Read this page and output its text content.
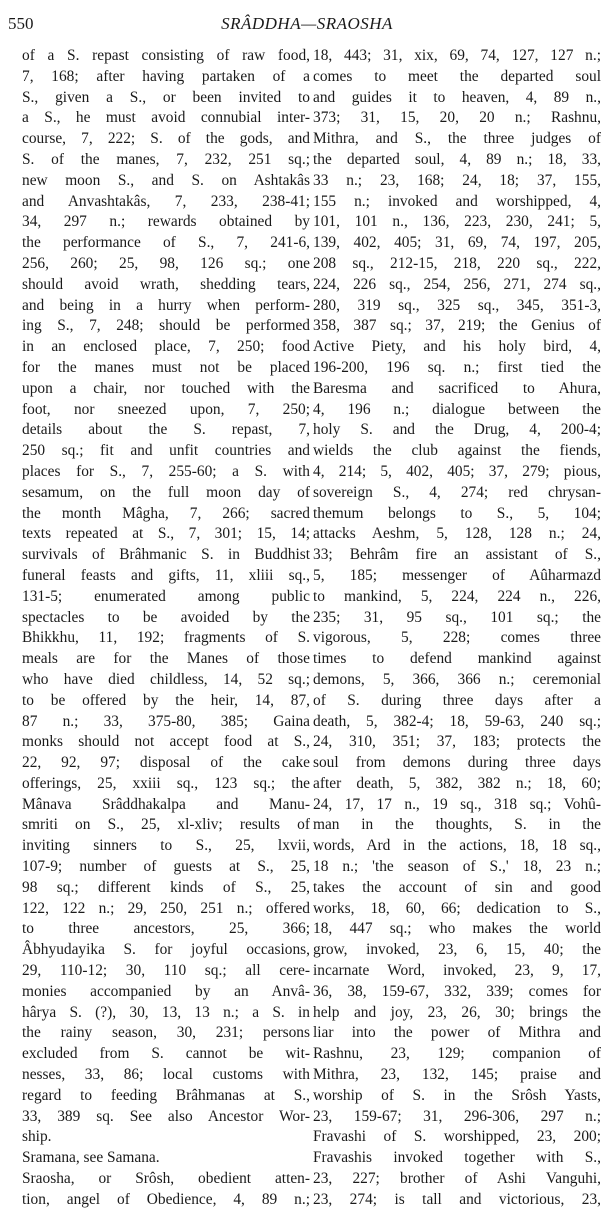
550	SRÂDDHA—SRAOSHA
of a S. repast consisting of raw food,
7, 168; after having partaken of a
S., given a S., or been invited to
a S., he must avoid connubial inter-
course, 7, 222; S. of the gods, and
S. of the manes, 7, 232, 251 sq.;
new moon S., and S. on Ashtakâs
and Anvashtakâs, 7, 233, 238-41;
34, 297 n.; rewards obtained by
the performance of S., 7, 241-6,
256, 260; 25, 98, 126 sq.; one
should avoid wrath, shedding tears,
and being in a hurry when perform-
ing S., 7, 248; should be performed
in an enclosed place, 7, 250; food
for the manes must not be placed
upon a chair, nor touched with the
foot, nor sneezed upon, 7, 250;
details about the S. repast, 7,
250 sq.; fit and unfit countries and
places for S., 7, 255-60; a S. with
sesamum, on the full moon day of
the month Mâgha, 7, 266; sacred
texts repeated at S., 7, 301; 15, 14;
survivals of Brâhmanic S. in Buddhist
funeral feasts and gifts, 11, xliii sq.,
131-5; enumerated among public
spectacles to be avoided by the
Bhikkhu, 11, 192; fragments of S.
meals are for the Manes of those
who have died childless, 14, 52 sq.;
to be offered by the heir, 14, 87,
87 n.; 33, 375-80, 385; Gaina
monks should not accept food at S.,
22, 92, 97; disposal of the cake
offerings, 25, xxiii sq., 123 sq.; the
Mânava Srâddhakalpa and Manu-
smriti on S., 25, xl-xliv; results of
inviting sinners to S., 25, lxvii,
107-9; number of guests at S., 25,
98 sq.; different kinds of S., 25,
122, 122 n.; 29, 250, 251 n.; offered
to three ancestors, 25, 366;
Âbhyudayika S. for joyful occasions,
29, 110-12; 30, 110 sq.; all cere-
monies accompanied by an Anvâ-
hârya S. (?), 30, 13, 13 n.; a S. in
the rainy season, 30, 231; persons
excluded from S. cannot be wit-
nesses, 33, 86; local customs with
regard to feeding Brâhmanas at S.,
33, 389 sq. See also Ancestor Wor-
ship.
Sramana, see Samana.
Sraosha, or Srôsh, obedient atten-
tion, angel of Obedience, 4, 89 n.;
18, 443; 31, xix, 69, 74, 127, 127 n.;
comes to meet the departed soul
and guides it to heaven, 4, 89 n.,
373; 31, 15, 20, 20 n.; Rashnu,
Mithra, and S., the three judges of
the departed soul, 4, 89 n.; 18, 33,
33 n.; 23, 168; 24, 18; 37, 155,
155 n.; invoked and worshipped, 4,
101, 101 n., 136, 223, 230, 241; 5,
139, 402, 405; 31, 69, 74, 197, 205,
208 sq., 212-15, 218, 220 sq., 222,
224, 226 sq., 254, 256, 271, 274 sq.,
280, 319 sq., 325 sq., 345, 351-3,
358, 387 sq.; 37, 219; the Genius of
Active Piety, and his holy bird, 4,
196-200, 196 sq. n.; first tied the
Baresma and sacrificed to Ahura,
4, 196 n.; dialogue between the
holy S. and the Drug, 4, 200-4;
wields the club against the fiends,
4, 214; 5, 402, 405; 37, 279; pious,
sovereign S., 4, 274; red chrysan-
themum belongs to S., 5, 104;
attacks Aeshm, 5, 128, 128 n.; 24,
33; Behrâm fire an assistant of S.,
5, 185; messenger of Aûharmazd
to mankind, 5, 224, 224 n., 226,
235; 31, 95 sq., 101 sq.; the
vigorous, 5, 228; comes three
times to defend mankind against
demons, 5, 366, 366 n.; ceremonial
of S. during three days after a
death, 5, 382-4; 18, 59-63, 240 sq.;
24, 310, 351; 37, 183; protects the
soul from demons during three days
after death, 5, 382, 382 n.; 18, 60;
24, 17, 17 n., 19 sq., 318 sq.; Vohû-
man in the thoughts, S. in the
words, Ard in the actions, 18, 18 sq.,
18 n.; 'the season of S.,' 18, 23 n.;
takes the account of sin and good
works, 18, 60, 66; dedication to S.,
18, 447 sq.; who makes the world
grow, invoked, 23, 6, 15, 40; the
incarnate Word, invoked, 23, 9, 17,
36, 38, 159-67, 332, 339; comes for
help and joy, 23, 26, 30; brings the
liar into the power of Mithra and
Rashnu, 23, 129; companion of
Mithra, 23, 132, 145; praise and
worship of S. in the Srôsh Yasts,
23, 159-67; 31, 296-306, 297 n.;
Fravashi of S. worshipped, 23, 200;
Fravashis invoked together with S.,
23, 227; brother of Ashi Vanguhi,
23, 274; is tall and victorious, 23,
